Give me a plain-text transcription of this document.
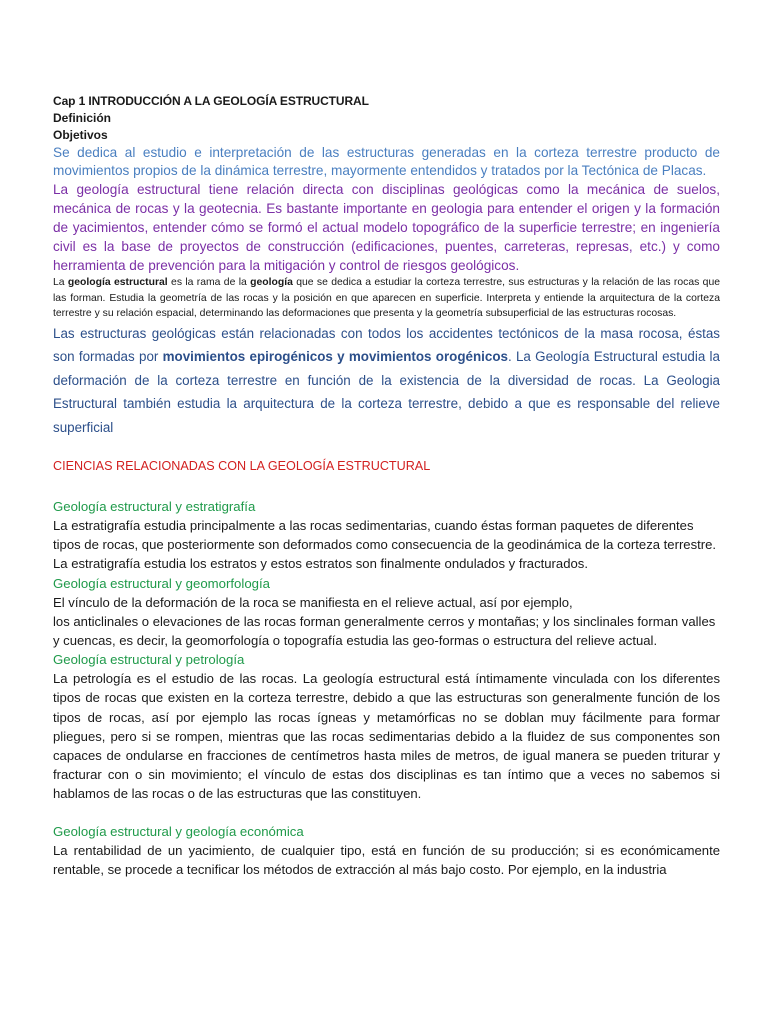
Cap 1 INTRODUCCIÓN A LA GEOLOGÍA ESTRUCTURAL

Definición

Objetivos

Se dedica al estudio e interpretación de las estructuras generadas en la corteza terrestre producto de movimientos propios de la dinámica terrestre, mayormente entendidos y tratados por la Tectónica de Placas.

La geología estructural tiene relación directa con disciplinas geológicas como la mecánica de suelos, mecánica de rocas y la geotecnia. Es bastante importante en geologia para entender el origen y la formación de yacimientos, entender cómo se formó el actual modelo topográfico de la superficie terrestre; en ingeniería civil es la base de proyectos de construcción (edificaciones, puentes, carreteras, represas, etc.) y como herramienta de prevención para la mitigación y control de riesgos geológicos.

La geología estructural es la rama de la geología que se dedica a estudiar la corteza terrestre, sus estructuras y la relación de las rocas que las forman. Estudia la geometría de las rocas y la posición en que aparecen en superficie. Interpreta y entiende la arquitectura de la corteza terrestre y su relación espacial, determinando las deformaciones que presenta y la geometría subsuperficial de las estructuras rocosas.

Las estructuras geológicas están relacionadas con todos los accidentes tectónicos de la masa rocosa, éstas son formadas por movimientos epirogénicos y movimientos orogénicos. La Geología Estructural estudia la deformación de la corteza terrestre en función de la existencia de la diversidad de rocas. La Geologia Estructural también estudia la arquitectura de la corteza terrestre, debido a que es responsable del relieve superficial

CIENCIAS RELACIONADAS CON LA GEOLOGÍA ESTRUCTURAL

Geología estructural y estratigrafía

La estratigrafía estudia principalmente a las rocas sedimentarias, cuando éstas forman paquetes de diferentes tipos de rocas, que posteriormente son deformados como consecuencia de la geodinámica de la corteza terrestre. La estratigrafía estudia los estratos y estos estratos son finalmente ondulados y fracturados.

Geología estructural y geomorfología

El vínculo de la deformación de la roca se manifiesta en el relieve actual, así por ejemplo,
los anticlinales o elevaciones de las rocas forman generalmente cerros y montañas; y los sinclinales forman valles y cuencas, es decir, la geomorfología o topografía estudia las geo-formas o estructura del relieve actual.

Geología estructural y petrología

La petrología es el estudio de las rocas. La geología estructural está íntimamente vinculada con los diferentes tipos de rocas que existen en la corteza terrestre, debido a que las estructuras son generalmente función de los tipos de rocas, así por ejemplo las rocas ígneas y metamórficas no se doblan muy fácilmente para formar pliegues, pero si se rompen, mientras que las rocas sedimentarias debido a la fluidez de sus componentes son capaces de ondularse en fracciones de centímetros hasta miles de metros, de igual manera se pueden triturar y fracturar con o sin movimiento; el vínculo de estas dos disciplinas es tan íntimo que a veces no sabemos si hablamos de las rocas o de las estructuras que las constituyen.

Geología estructural y geología económica

La rentabilidad de un yacimiento, de cualquier tipo, está en función de su producción; si es económicamente rentable, se procede a tecnificar los métodos de extracción al más bajo costo. Por ejemplo, en la industria
